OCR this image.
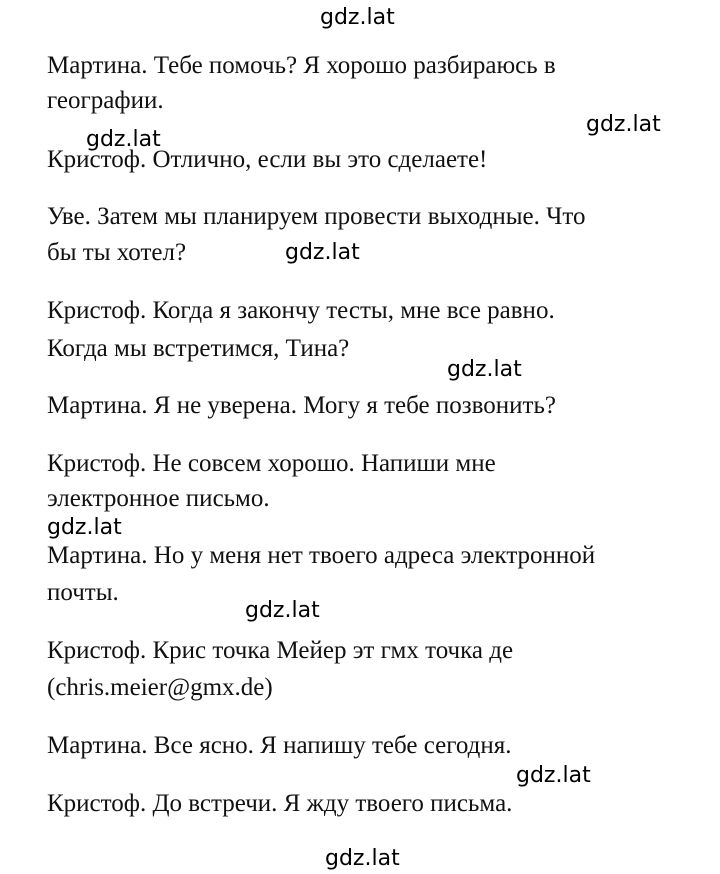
gdz.lat
gdz.lat
gdz.lat
gdz.lat
gdz.lat
gdz.lat
gdz.lat
gdz.lat
gdz.lat
Мартина. Тебе помочь? Я хорошо разбираюсь в
географии.
Кристоф. Отлично, если вы это сделаете!
Уве. Затем мы планируем провести выходные. Что
бы ты хотел?
Кристоф. Когда я закончу тесты, мне все равно.
Когда мы встретимся, Тина?
Мартина. Я не уверена. Могу я тебе позвонить?
Кристоф. Не совсем хорошо. Напиши мне
электронное письмо.
Мартина. Но у меня нет твоего адреса электронной
почты.
Кристоф. Крис точка Мейер эт гмх точка де
(chris.meier@gmx.de)
Мартина. Все ясно. Я напишу тебе сегодня.
Кристоф. До встречи. Я жду твоего письма.
